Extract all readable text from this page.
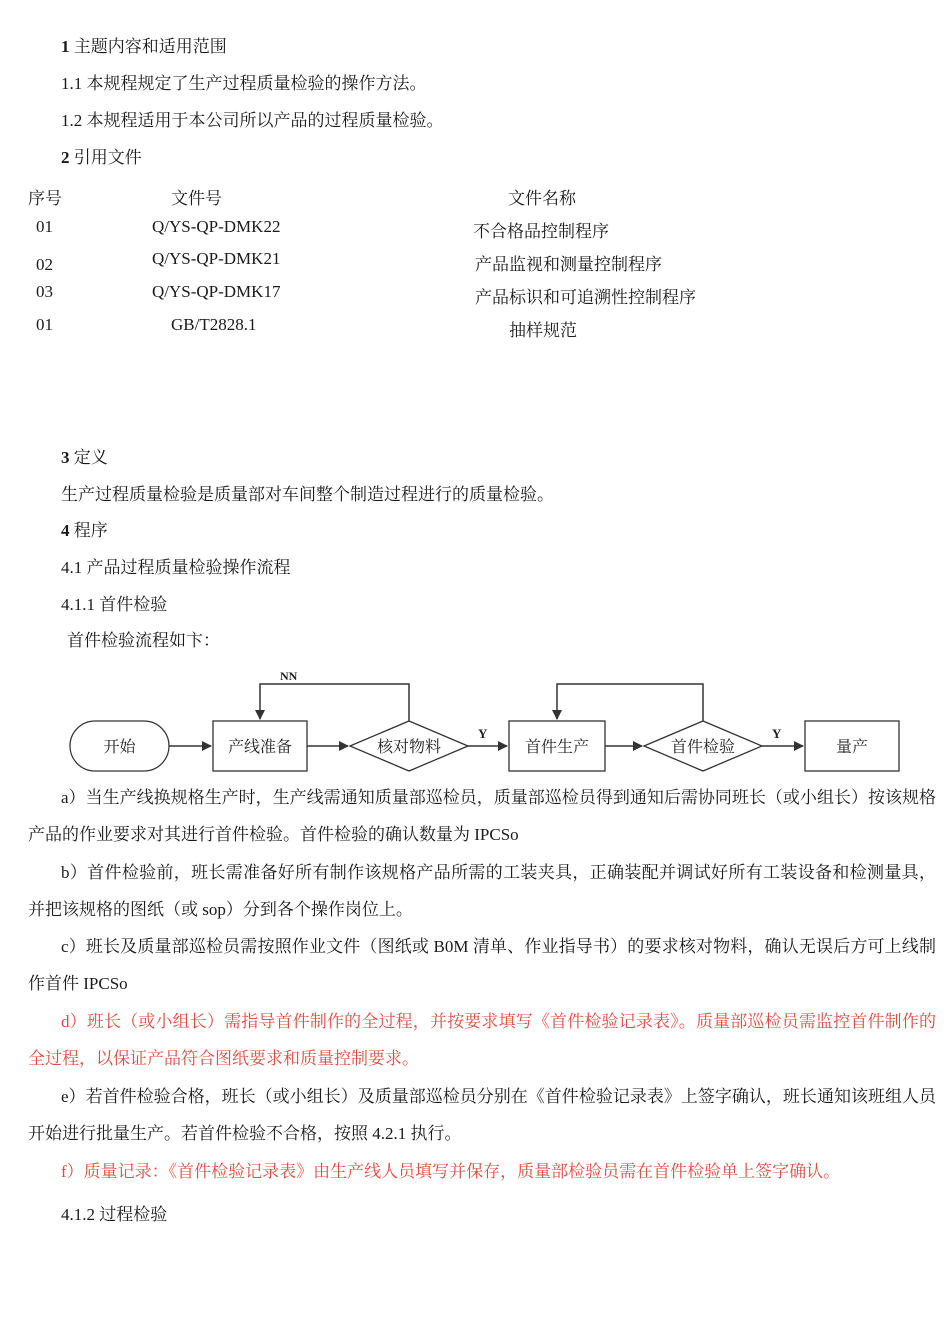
1 主题内容和适用范围
1.1 本规程规定了生产过程质量检验的操作方法。
1.2 本规程适用于本公司所以产品的过程质量检验。
2 引用文件
序号	文件号	文件名称
01	Q/YS-QP-DMK22	不合格品控制程序
02	Q/YS-QP-DMK21	产品监视和测量控制程序
03	Q/YS-QP-DMK17	产品标识和可追溯性控制程序
01	GB/T2828.1	抽样规范
3 定义
生产过程质量检验是质量部对车间整个制造过程进行的质量检验。
4 程序
4.1 产品过程质量检验操作流程
4.1.1 首件检验
首件检验流程如卞：
开始	产线准备	核对物料	首件生产	首件检验	量产
NN
Y	Y
a）当生产线换规格生产时，生产线需通知质量部巡检员，质量部巡检员得到通知后需协同班长（或小组长）按该规格产品的作业要求对其进行首件检验。首件检验的确认数量为 IPCSo
b）首件检验前，班长需准备好所有制作该规格产品所需的工装夹具，正确装配并调试好所有工装设备和检测量具，并把该规格的图纸（或 sop）分到各个操作岗位上。
c）班长及质量部巡检员需按照作业文件（图纸或 B0M 清单、作业指导书）的要求核对物料，确认无误后方可上线制作首件 IPCSo
d）班长（或小组长）需指导首件制作的全过程，并按要求填写《首件检验记录表》。质量部巡检员需监控首件制作的全过程，以保证产品符合图纸要求和质量控制要求。
e）若首件检验合格，班长（或小组长）及质量部巡检员分别在《首件检验记录表》上签字确认，班长通知该班组人员开始进行批量生产。若首件检验不合格，按照 4.2.1 执行。
f）质量记录：《首件检验记录表》由生产线人员填写并保存，质量部检验员需在首件检验单上签字确认。
4.1.2 过程检验
